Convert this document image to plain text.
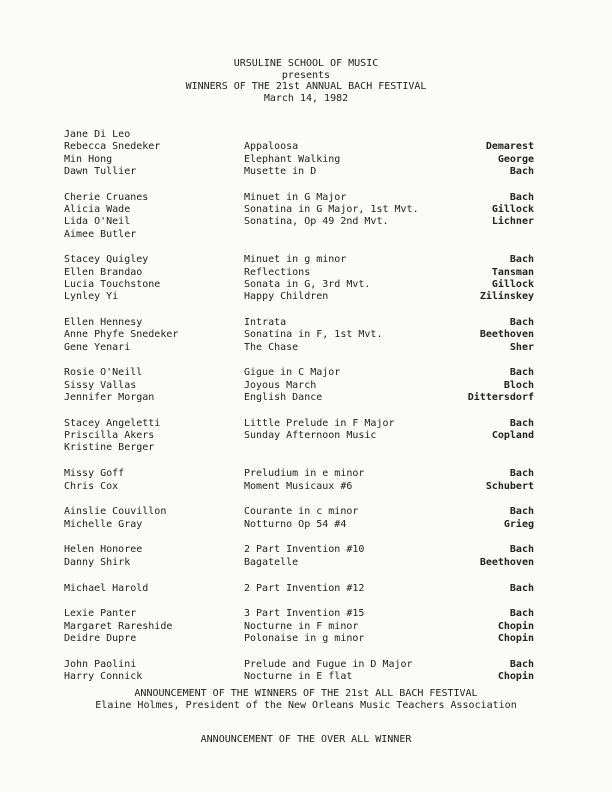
URSULINE SCHOOL OF MUSIC
presents
WINNERS OF THE 21st ANNUAL BACH FESTIVAL
March 14, 1982
Jane Di Leo
Rebecca Snedeker	Appaloosa	Demarest
Min Hong	Elephant Walking	George
Dawn Tullier	Musette in D	Bach
Cherie Cruanes	Minuet in G Major	Bach
Alicia Wade	Sonatina in G Major, 1st Mvt.	Gillock
Lida O'Neil	Sonatina, Op 49 2nd Mvt.	Lichner
Aimee Butler
Stacey Quigley	Minuet in g minor	Bach
Ellen Brandao	Reflections	Tansman
Lucia Touchstone	Sonata in G, 3rd Mvt.	Gillock
Lynley Yi	Happy Children	Zilinskey
Ellen Hennesy	Intrata	Bach
Anne Phyfe Snedeker	Sonatina in F, 1st Mvt.	Beethoven
Gene Yenari	The Chase	Sher
Rosie O'Neill	Gigue in C Major	Bach
Sissy Vallas	Joyous March	Bloch
Jennifer Morgan	English Dance	Dittersdorf
Stacey Angeletti	Little Prelude in F Major	Bach
Priscilla Akers	Sunday Afternoon Music	Copland
Kristine Berger
Missy Goff	Preludium in e minor	Bach
Chris Cox	Moment Musicaux #6	Schubert
Ainslie Couvillon	Courante in c minor	Bach
Michelle Gray	Notturno Op 54 #4	Grieg
Helen Honoree	2 Part Invention #10	Bach
Danny Shirk	Bagatelle	Beethoven
Michael Harold	2 Part Invention #12	Bach
Lexie Panter	3 Part Invention #15	Bach
Margaret Rareshide	Nocturne in F minor	Chopin
Deidre Dupre	Polonaise in g minor	Chopin
John Paolini	Prelude and Fugue in D Major	Bach
Harry Connick	Nocturne in E flat	Chopin
ANNOUNCEMENT OF THE WINNERS OF THE 21st ALL BACH FESTIVAL
Elaine Holmes, President of the New Orleans Music Teachers Association
ANNOUNCEMENT OF THE OVER ALL WINNER
